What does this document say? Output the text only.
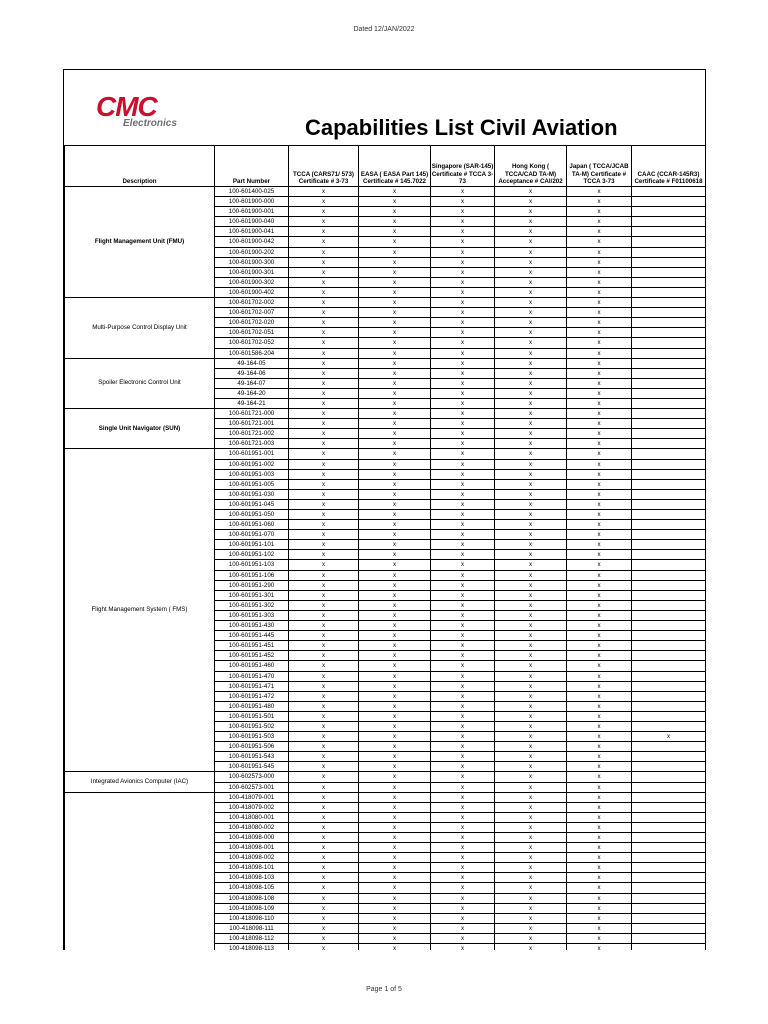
Dated 12/JAN/2022
CMC
Electronics	Capabilities List Civil Aviation
Description	Part Number	TCCA (CARS71/ 573) Certificate # 3-73	EASA ( EASA Part 145) Certificate # 145.7022	Singapore (SAR-145) Certificate # TCCA 3-73	Hong Kong ( TCCA/CAD TA-M) Acceptance # CAI/202	Japan ( TCCA/JCAB TA-M) Certificate # TCCA 3-73	CAAC (CCAR-145R3) Certificate # F01100618
Flight Management Unit (FMU)	100-601400-025	x	x	x	x	x	
	100-601900-000	x	x	x	x	x	
	100-601900-001	x	x	x	x	x	
	100-601900-040	x	x	x	x	x	
	100-601900-041	x	x	x	x	x	
	100-601900-042	x	x	x	x	x	
	100-601900-202	x	x	x	x	x	
	100-601900-300	x	x	x	x	x	
	100-601900-301	x	x	x	x	x	
	100-601900-302	x	x	x	x	x	
	100-601900-402	x	x	x	x	x	
Multi-Purpose Control Display Unit	100-601702-002	x	x	x	x	x	
	100-601702-007	x	x	x	x	x	
	100-601702-020	x	x	x	x	x	
	100-601702-051	x	x	x	x	x	
	100-601702-052	x	x	x	x	x	
	100-601586-204	x	x	x	x	x	
Spoiler Electronic Control Unit	49-164-05	x	x	x	x	x	
	49-164-06	x	x	x	x	x	
	49-164-07	x	x	x	x	x	
	49-164-20	x	x	x	x	x	
	49-164-21	x	x	x	x	x	
Single Unit Navigator (SUN)	100-601721-000	x	x	x	x	x	
	100-601721-001	x	x	x	x	x	
	100-601721-002	x	x	x	x	x	
	100-601721-003	x	x	x	x	x	
Flight Management System ( FMS)	100-601951-001	x	x	x	x	x	
	100-601951-002	x	x	x	x	x	
	100-601951-003	x	x	x	x	x	
	100-601951-005	x	x	x	x	x	
	100-601951-030	x	x	x	x	x	
	100-601951-045	x	x	x	x	x	
	100-601951-050	x	x	x	x	x	
	100-601951-060	x	x	x	x	x	
	100-601951-070	x	x	x	x	x	
	100-601951-101	x	x	x	x	x	
	100-601951-102	x	x	x	x	x	
	100-601951-103	x	x	x	x	x	
	100-601951-106	x	x	x	x	x	
	100-601951-290	x	x	x	x	x	
	100-601951-301	x	x	x	x	x	
	100-601951-302	x	x	x	x	x	
	100-601951-303	x	x	x	x	x	
	100-601951-430	x	x	x	x	x	
	100-601951-445	x	x	x	x	x	
	100-601951-451	x	x	x	x	x	
	100-601951-452	x	x	x	x	x	
	100-601951-460	x	x	x	x	x	
	100-601951-470	x	x	x	x	x	
	100-601951-471	x	x	x	x	x	
	100-601951-472	x	x	x	x	x	
	100-601951-480	x	x	x	x	x	
	100-601951-501	x	x	x	x	x	
	100-601951-502	x	x	x	x	x	
	100-601951-503	x	x	x	x	x	x
	100-601951-506	x	x	x	x	x	
	100-601951-543	x	x	x	x	x	
	100-601951-545	x	x	x	x	x	
Integrated Avionics Computer (IAC)	100-602573-000	x	x	x	x	x	
	100-602573-001	x	x	x	x	x	
	100-418079-001	x	x	x	x	x	
	100-418079-002	x	x	x	x	x	
	100-418080-001	x	x	x	x	x	
	100-418080-002	x	x	x	x	x	
	100-418098-000	x	x	x	x	x	
	100-418098-001	x	x	x	x	x	
	100-418098-002	x	x	x	x	x	
	100-418098-101	x	x	x	x	x	
	100-418098-103	x	x	x	x	x	
	100-418098-105	x	x	x	x	x	
	100-418098-108	x	x	x	x	x	
	100-418098-109	x	x	x	x	x	
	100-418098-110	x	x	x	x	x	
	100-418098-111	x	x	x	x	x	
	100-418098-112	x	x	x	x	x	
	100-418098-113	x	x	x	x	x	
Page 1 of 5
